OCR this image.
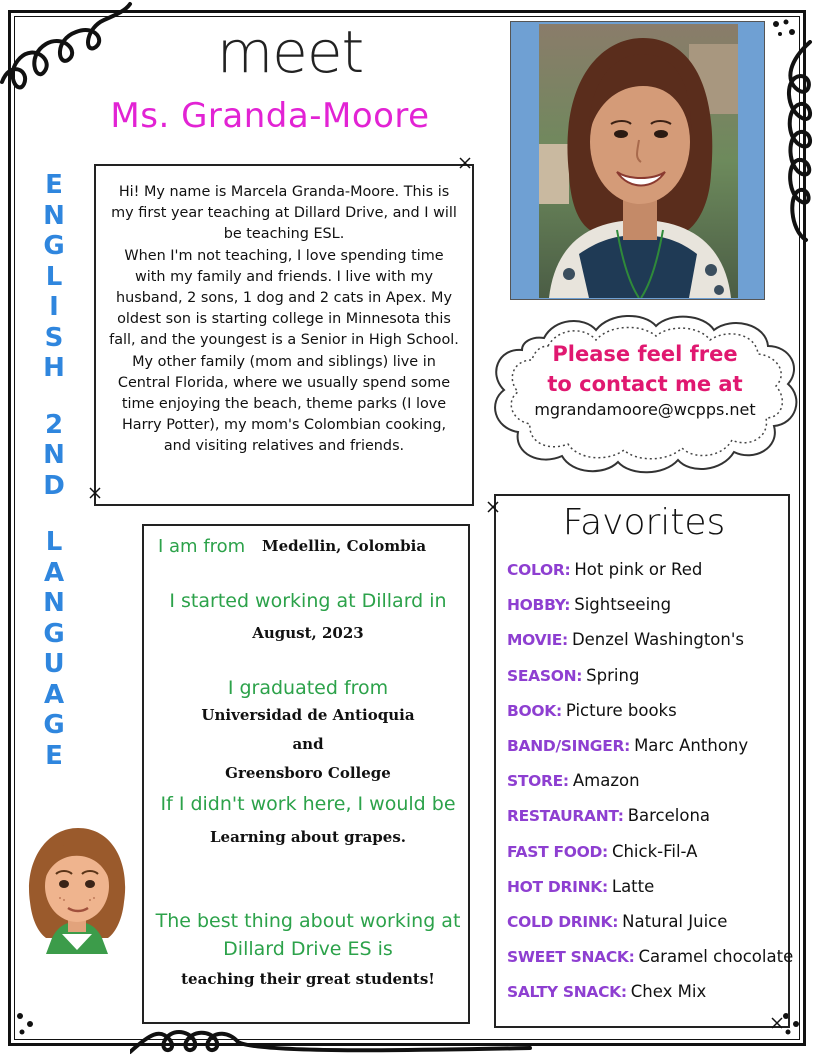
meet
Ms. Granda-Moore
E
N
G
L
I
S
H
2
N
D
L
A
N
G
U
A
G
E

Hi! My name is Marcela Granda-Moore. This is my first year teaching at Dillard Drive, and I will be teaching ESL.

When I'm not teaching, I love spending time with my family and friends. I live with my husband, 2 sons, 1 dog and 2 cats in Apex. My oldest son is starting college in Minnesota this fall, and the youngest is a Senior in High School.

My other family (mom and siblings) live in Central Florida, where we usually spend some time enjoying the beach, theme parks (I love Harry Potter), my mom's Colombian cooking, and visiting relatives and friends.

Please feel free
to contact me at
mgrandamoore@wcpps.net
I am from Medellin, Colombia
I started working at Dillard in
August, 2023
I graduated from
Universidad de Antioquia
and
Greensboro College
If I didn't work here, I would be
Learning about grapes.
The best thing about working at
Dillard Drive ES is
teaching their great students!
Favorites
COLOR: Hot pink or Red
HOBBY: Sightseeing
MOVIE: Denzel Washington's
SEASON: Spring
BOOK: Picture books
BAND/SINGER: Marc Anthony
STORE: Amazon
RESTAURANT: Barcelona
FAST FOOD: Chick-Fil-A
HOT DRINK: Latte
COLD DRINK: Natural Juice
SWEET SNACK: Caramel chocolate
SALTY SNACK: Chex Mix
